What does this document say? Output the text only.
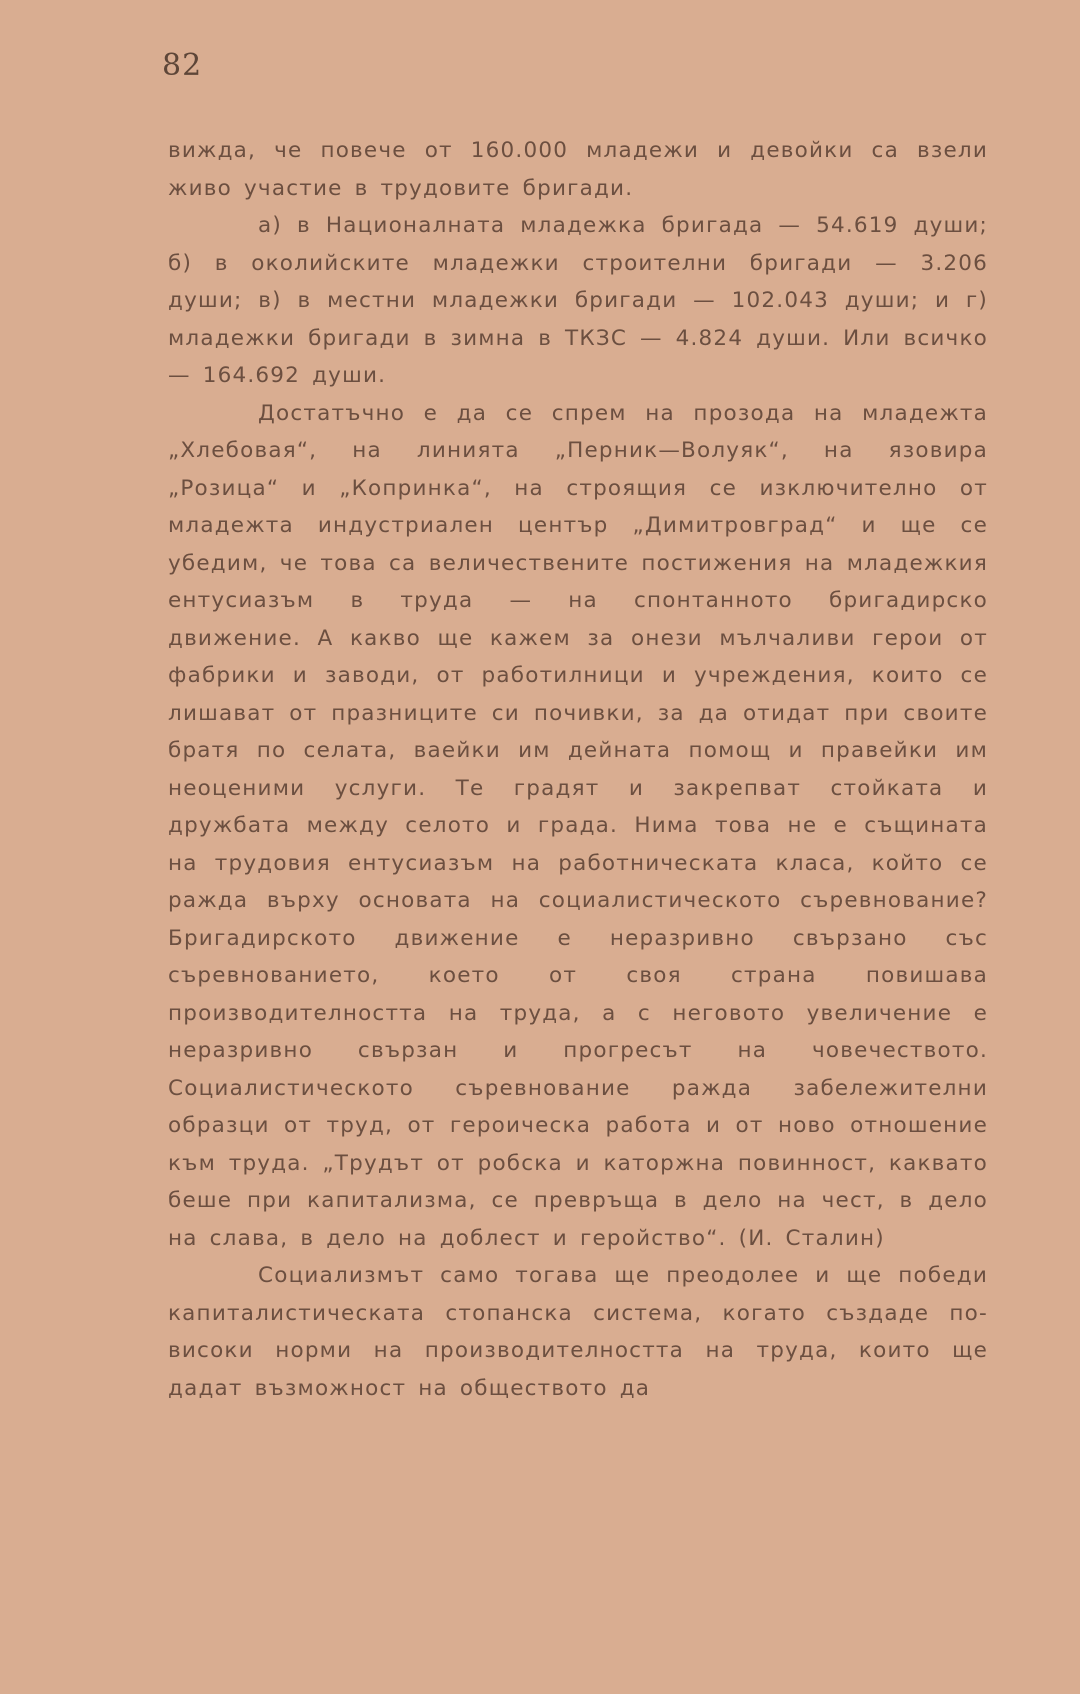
82

вижда, че повече от 160.000 младежи и девойки са взели живо участие в трудовите бригади.

а) в Националната младежка бригада — 54.619 души; б) в околийските младежки строителни бригади — 3.206 души; в) в местни младежки бригади — 102.043 души; и г) младежки бригади в зимна в ТКЗС — 4.824 души. Или всичко — 164.692 души.

Достатъчно е да се спрем на прозода на младежта „Хлебовая“, на линията „Перник—Волуяк“, на язовира „Розица“ и „Копринка“, на строящия се изключително от младежта индустриален център „Димитровград“ и ще се убедим, че това са величествените постижения на младежкия ентусиазъм в труда — на спонтанното бригадирско движение. А какво ще кажем за онези мълчаливи герои от фабрики и заводи, от работилници и учреждения, които се лишават от празниците си почивки, за да отидат при своите братя по селата, ваейки им дейната помощ и правейки им неоценими услуги. Те градят и закрепват стойката и дружбата между селото и града. Нима това не е същината на трудовия ентусиазъм на работническата класа, който се ражда върху основата на социалистическото съревнование? Бригадирското движение е неразривно свързано със съревнованието, което от своя страна повишава производителността на труда, а с неговото увеличение е неразривно свързан и прогресът на човечеството. Социалистическото съревнование ражда забележителни образци от труд, от героическа работа и от ново отношение към труда. „Трудът от робска и каторжна повинност, каквато беше при капитализма, се превръща в дело на чест, в дело на слава, в дело на доблест и геройство“. (И. Сталин)

Социализмът само тогава ще преодолее и ще победи капиталистическата стопанска система, когато създаде по-високи норми на производителността на труда, които ще дадат възможност на обществото да
